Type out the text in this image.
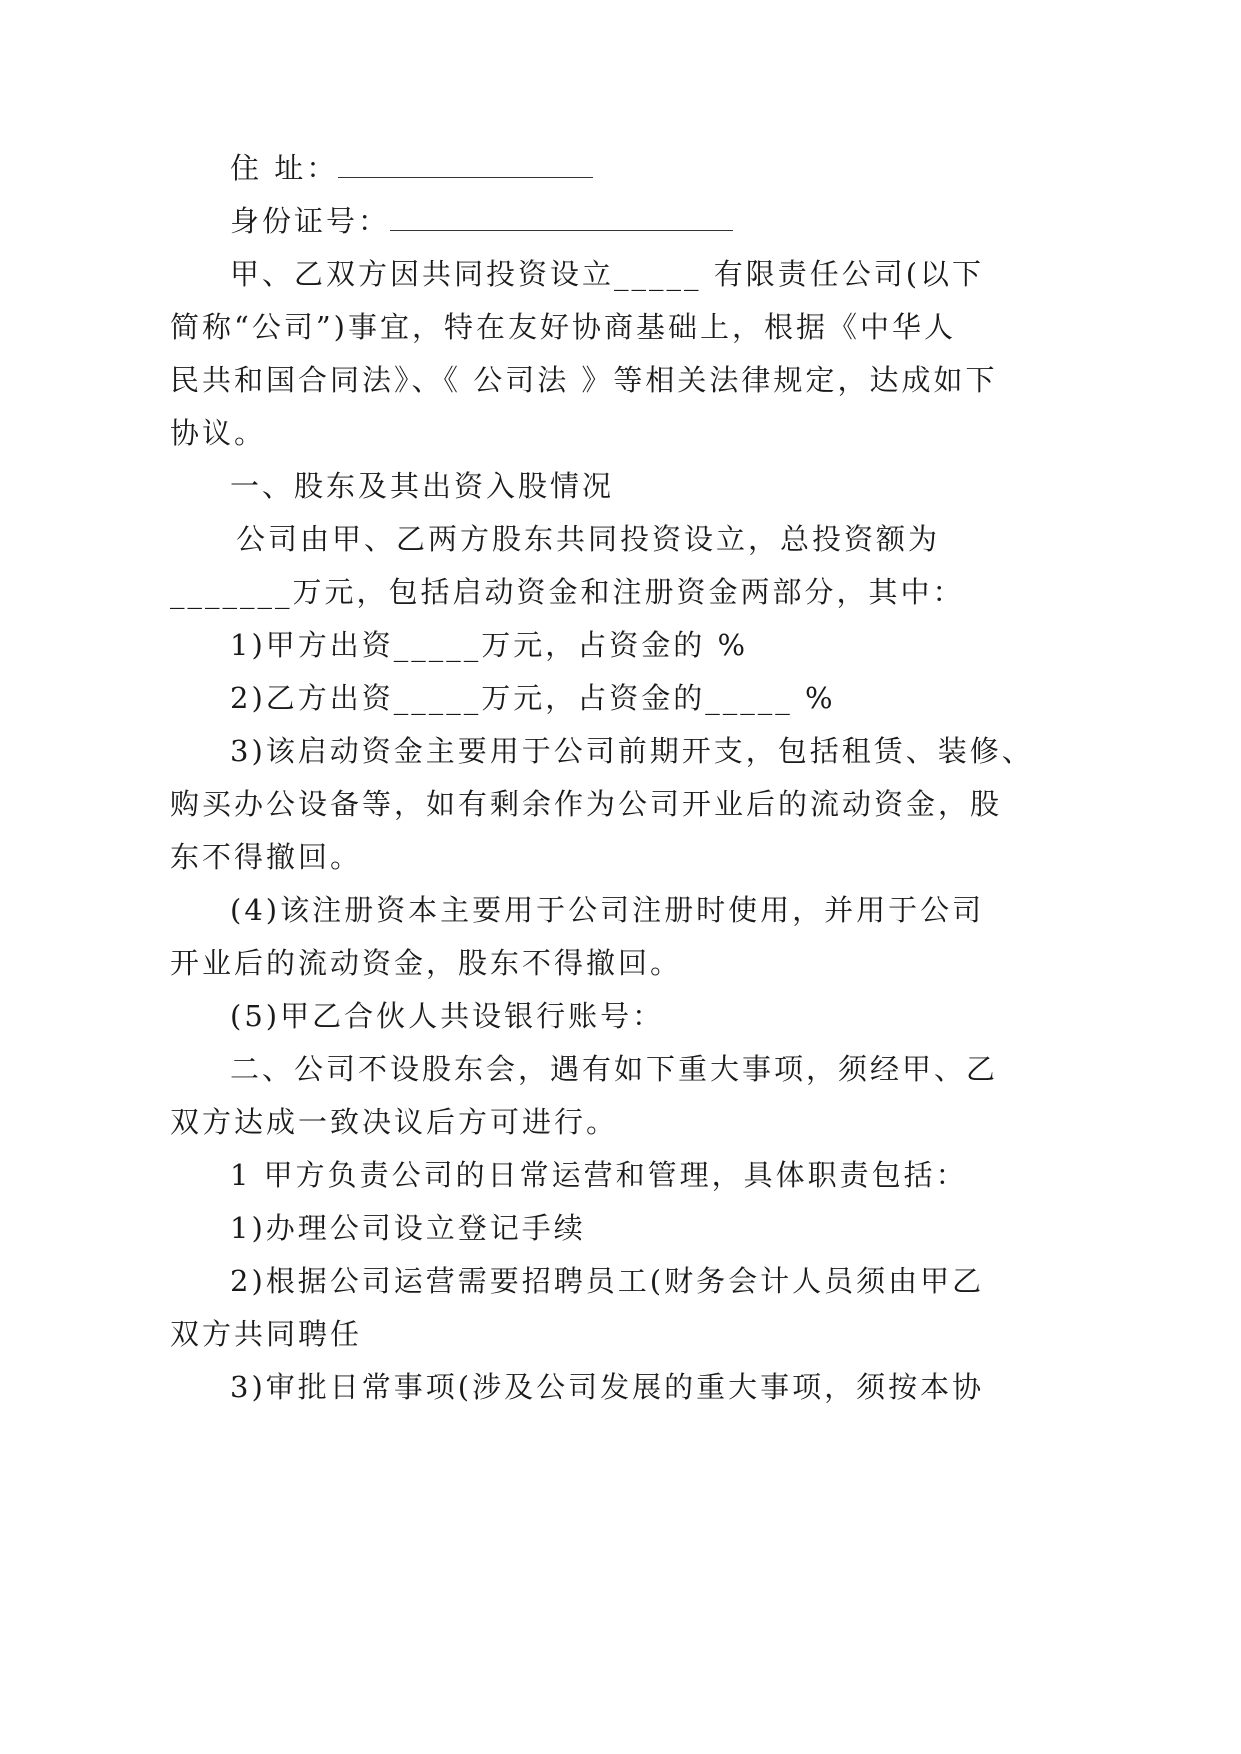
住 址：
身份证号：
甲、乙双方因共同投资设立_____ 有限责任公司(以下
简称“公司”)事宜，特在友好协商基础上，根据《中华人
民共和国合同法》、《 公司法 》等相关法律规定，达成如下
协议。
一、股东及其出资入股情况
公司由甲、乙两方股东共同投资设立，总投资额为
_______万元，包括启动资金和注册资金两部分，其中：
1)甲方出资_____万元，占资金的 %
2)乙方出资_____万元，占资金的_____ %
3)该启动资金主要用于公司前期开支，包括租赁、装修、
购买办公设备等，如有剩余作为公司开业后的流动资金，股
东不得撤回。
(4)该注册资本主要用于公司注册时使用，并用于公司
开业后的流动资金，股东不得撤回。
(5)甲乙合伙人共设银行账号：
二、公司不设股东会，遇有如下重大事项，须经甲、乙
双方达成一致决议后方可进行。
1 甲方负责公司的日常运营和管理，具体职责包括：
1)办理公司设立登记手续
2)根据公司运营需要招聘员工(财务会计人员须由甲乙
双方共同聘任
3)审批日常事项(涉及公司发展的重大事项，须按本协
